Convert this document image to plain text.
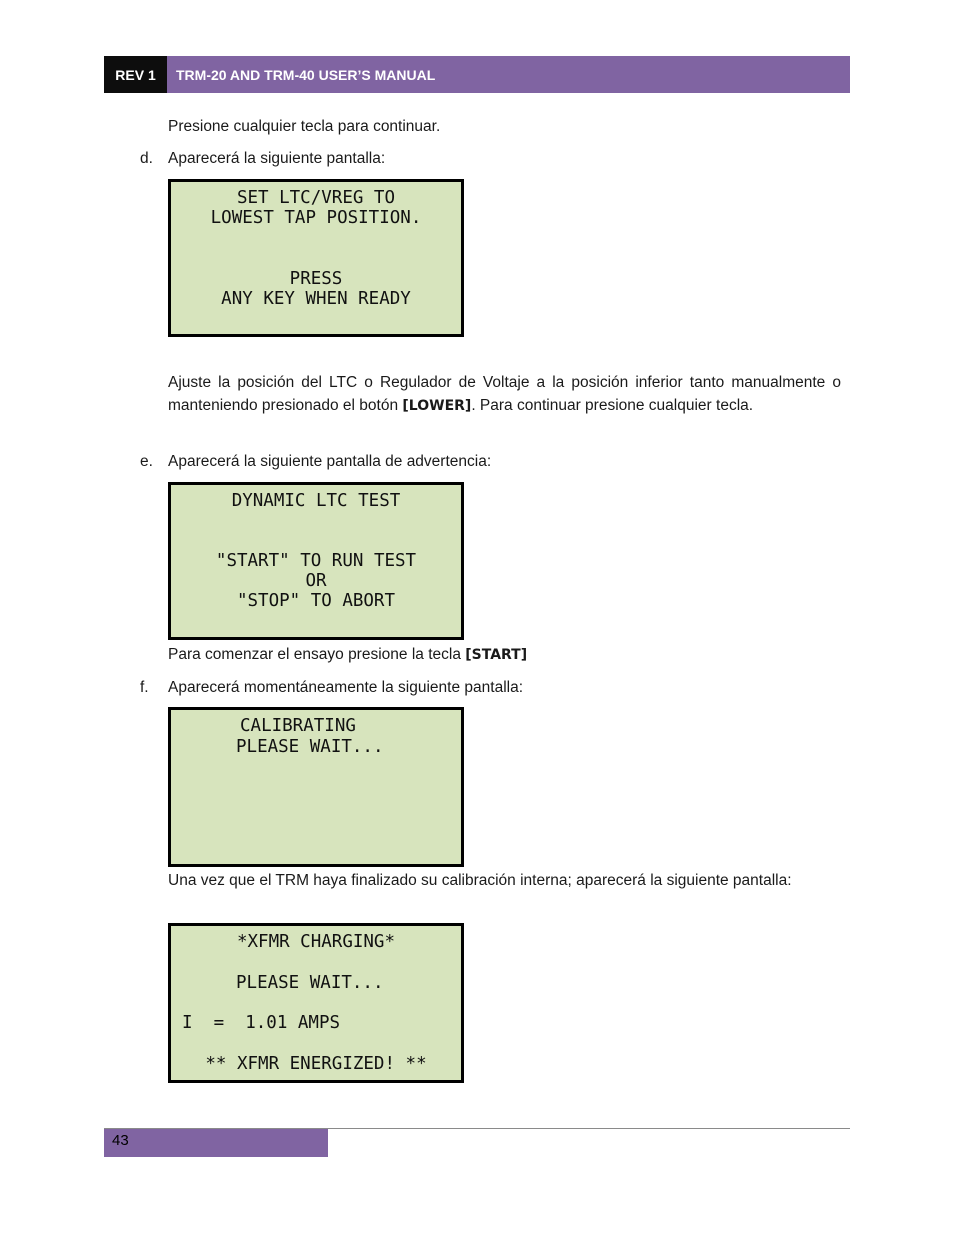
REV 1	TRM-20 AND TRM-40 USER’S MANUAL
Presione cualquier tecla para continuar.
d. Aparecerá la siguiente pantalla:
SET LTC/VREG TO
LOWEST TAP POSITION.
PRESS
ANY KEY WHEN READY
Ajuste la posición del LTC o Regulador de Voltaje a la posición inferior tanto manualmente o manteniendo presionado el botón [LOWER]. Para continuar presione cualquier tecla.
e. Aparecerá la siguiente pantalla de advertencia:
DYNAMIC LTC TEST
"START" TO RUN TEST
OR
"STOP" TO ABORT
Para comenzar el ensayo presione la tecla [START]
f. Aparecerá momentáneamente la siguiente pantalla:
CALIBRATING
PLEASE WAIT...
Una vez que el TRM haya finalizado su calibración interna; aparecerá la siguiente pantalla:
*XFMR CHARGING*
PLEASE WAIT...
I  =  1.01 AMPS
** XFMR ENERGIZED! **
43
